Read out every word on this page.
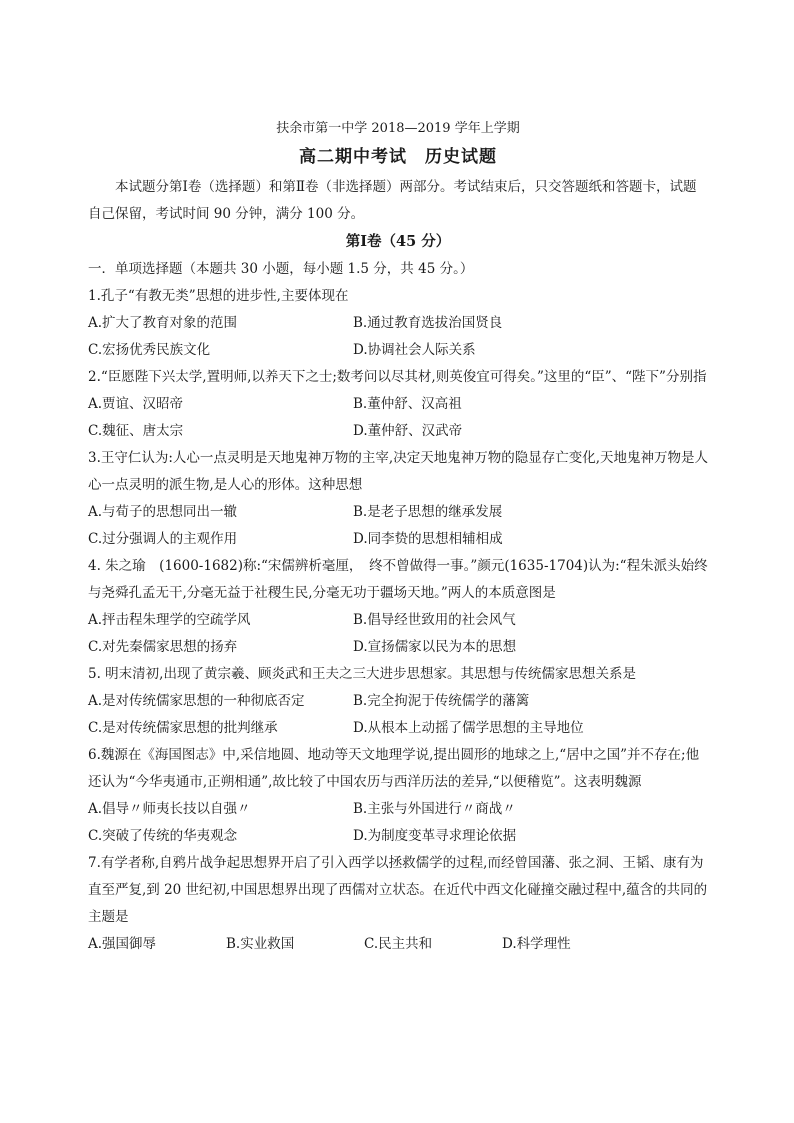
扶余市第一中学 2018—2019 学年上学期
高二期中考试　历史试题
本试题分第Ⅰ卷（选择题）和第Ⅱ卷（非选择题）两部分。考试结束后，只交答题纸和答题卡，试题自己保留，考试时间 90 分钟，满分 100 分。
第Ⅰ卷（45 分）
一．单项选择题（本题共 30 小题，每小题 1.5 分，共 45 分。）
1.孔子“有教无类”思想的进步性,主要体现在
A.扩大了教育对象的范围	B.通过教育选拔治国贤良
C.宏扬优秀民族文化	D.协调社会人际关系
2.“臣愿陛下兴太学,置明师,以养天下之士;数考问以尽其材,则英俊宜可得矣。”这里的“臣”、“陛下”分别指
A.贾谊、汉昭帝	B.董仲舒、汉高祖
C.魏征、唐太宗	D.董仲舒、汉武帝
3.王守仁认为:人心一点灵明是天地鬼神万物的主宰,决定天地鬼神万物的隐显存亡变化,天地鬼神万物是人心一点灵明的派生物,是人心的形体。这种思想
A.与荀子的思想同出一辙	B.是老子思想的继承发展
C.过分强调人的主观作用	D.同李贽的思想相辅相成
4. 朱之瑜　(1600-1682)称:“宋儒辨析毫厘，　终不曾做得一事。”颜元(1635-1704)认为:“程朱派头始终与尧舜孔孟无干,分毫无益于社稷生民,分毫无功于疆场天地。”两人的本质意图是
A.抨击程朱理学的空疏学风	B.倡导经世致用的社会风气
C.对先秦儒家思想的扬弃	D.宣扬儒家以民为本的思想
5. 明末清初,出现了黄宗羲、顾炎武和王夫之三大进步思想家。其思想与传统儒家思想关系是
A.是对传统儒家思想的一种彻底否定	B.完全拘泥于传统儒学的藩篱
C.是对传统儒家思想的批判继承	D.从根本上动摇了儒学思想的主导地位
6.魏源在《海国图志》中,采信地圆、地动等天文地理学说,提出圆形的地球之上,“居中之国”并不存在;他还认为“今华夷通市,正朔相通”,故比较了中国农历与西洋历法的差异,“以便稽览”。这表明魏源
A.倡导〃师夷长技以自强〃	B.主张与外国进行〃商战〃
C.突破了传统的华夷观念	D.为制度变革寻求理论依据
7.有学者称,自鸦片战争起思想界开启了引入西学以拯救儒学的过程,而经曾国藩、张之洞、王韬、康有为直至严复,到 20 世纪初,中国思想界出现了西儒对立状态。在近代中西文化碰撞交融过程中,蕴含的共同的主题是
A.强国御辱	B.实业救国	C.民主共和	D.科学理性
